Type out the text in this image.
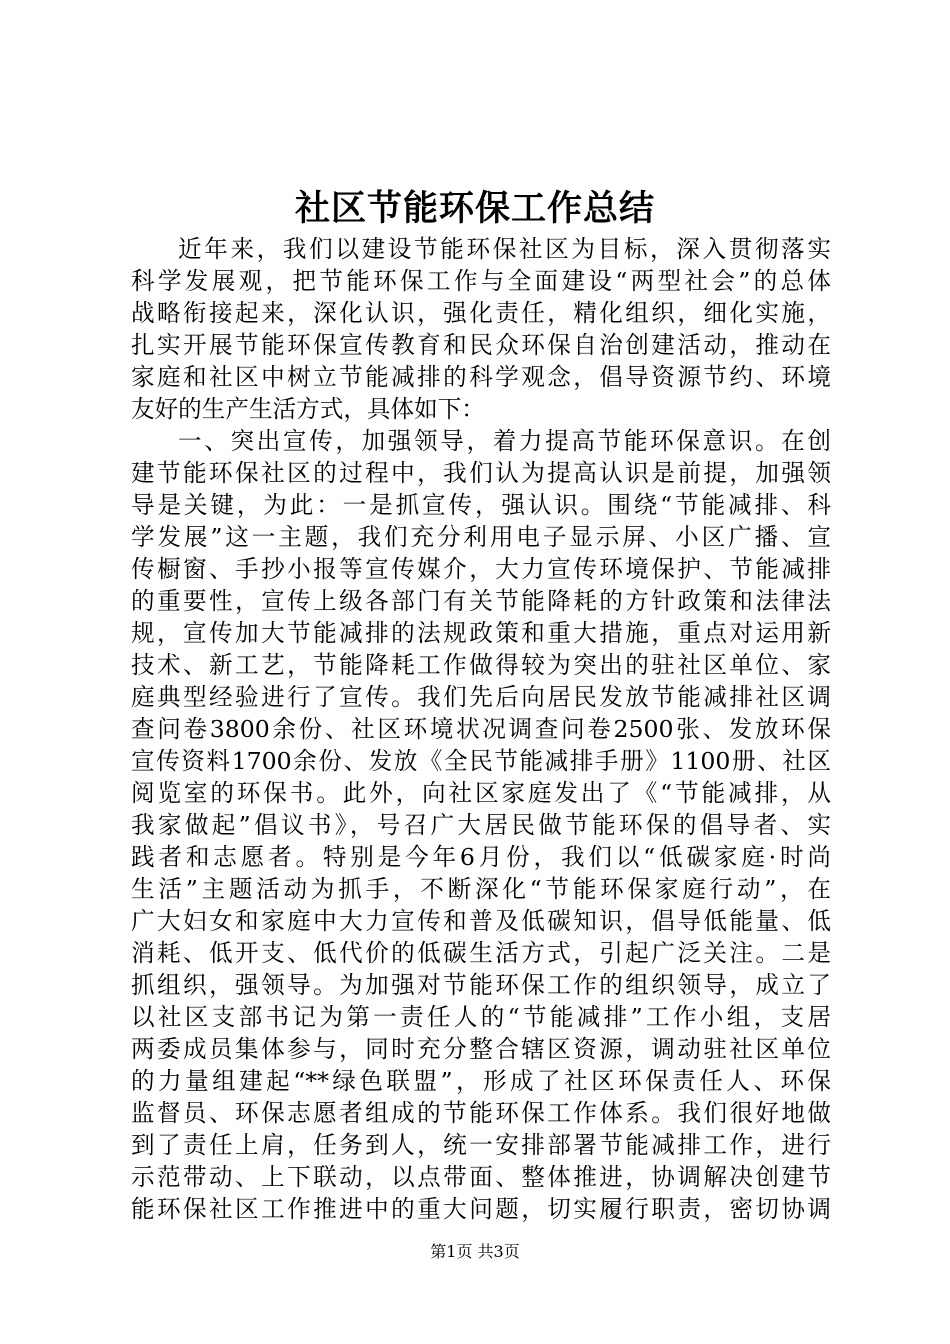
社区节能环保工作总结
近年来，我们以建设节能环保社区为目标，深入贯彻落实
科学发展观，把节能环保工作与全面建设“两型社会”的总体
战略衔接起来，深化认识，强化责任，精化组织，细化实施，
扎实开展节能环保宣传教育和民众环保自治创建活动，推动在
家庭和社区中树立节能减排的科学观念，倡导资源节约、环境
友好的生产生活方式，具体如下：
一、突出宣传，加强领导，着力提高节能环保意识。在创
建节能环保社区的过程中，我们认为提高认识是前提，加强领
导是关键，为此：一是抓宣传，强认识。围绕“节能减排、科
学发展”这一主题，我们充分利用电子显示屏、小区广播、宣
传橱窗、手抄小报等宣传媒介，大力宣传环境保护、节能减排
的重要性，宣传上级各部门有关节能降耗的方针政策和法律法
规，宣传加大节能减排的法规政策和重大措施，重点对运用新
技术、新工艺，节能降耗工作做得较为突出的驻社区单位、家
庭典型经验进行了宣传。我们先后向居民发放节能减排社区调
查问卷3800余份、社区环境状况调查问卷2500张、发放环保
宣传资料1700余份、发放《全民节能减排手册》1100册、社区
阅览室的环保书。此外，向社区家庭发出了《“节能减排，从
我家做起”倡议书》，号召广大居民做节能环保的倡导者、实
践者和志愿者。特别是今年6月份，我们以“低碳家庭·时尚
生活”主题活动为抓手，不断深化“节能环保家庭行动”，在
广大妇女和家庭中大力宣传和普及低碳知识，倡导低能量、低
消耗、低开支、低代价的低碳生活方式，引起广泛关注。二是
抓组织，强领导。为加强对节能环保工作的组织领导，成立了
以社区支部书记为第一责任人的“节能减排”工作小组，支居
两委成员集体参与，同时充分整合辖区资源，调动驻社区单位
的力量组建起“**绿色联盟”，形成了社区环保责任人、环保
监督员、环保志愿者组成的节能环保工作体系。我们很好地做
到了责任上肩，任务到人，统一安排部署节能减排工作，进行
示范带动、上下联动，以点带面、整体推进，协调解决创建节
能环保社区工作推进中的重大问题，切实履行职责，密切协调
第1页 共3页
